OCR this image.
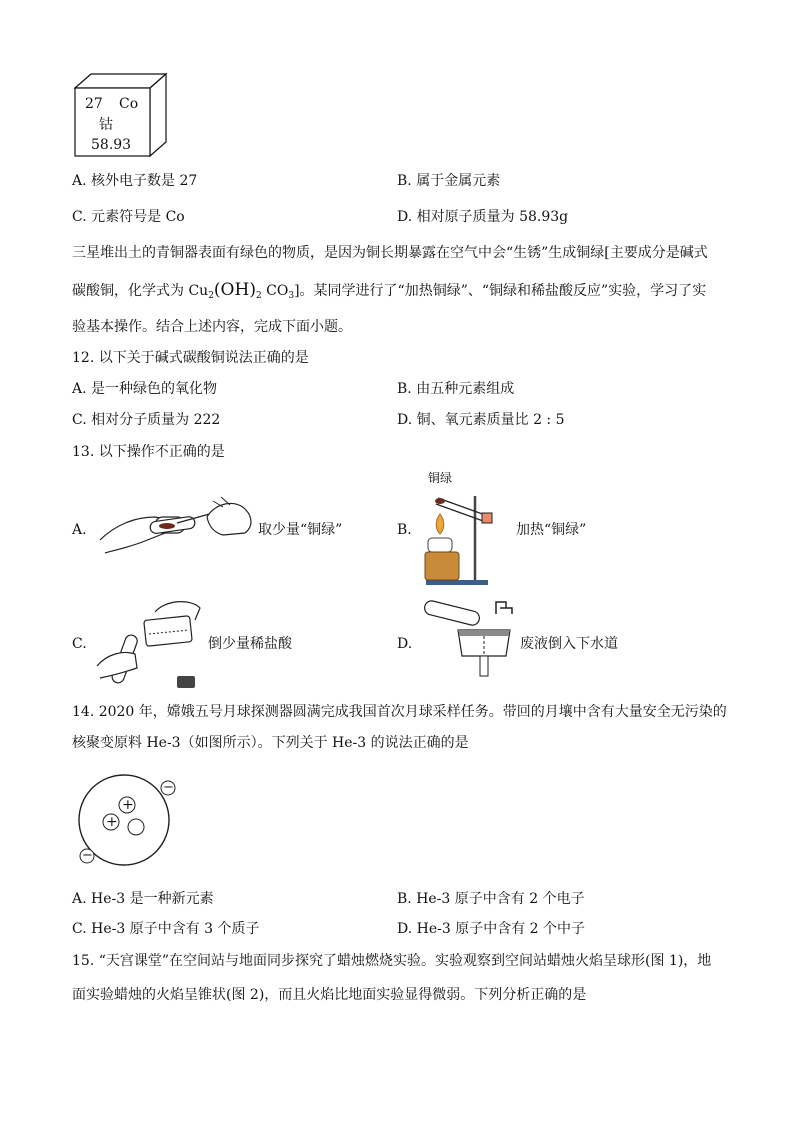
27 Co
钴
58.93
A. 核外电子数是 27	B. 属于金属元素
C. 元素符号是 Co	D. 相对原子质量为 58.93g
三星堆出土的青铜器表面有绿色的物质，是因为铜长期暴露在空气中会“生锈”生成铜绿[主要成分是碱式
碳酸铜，化学式为 $Cu_2(OH)_2$ $CO_3$]。某同学进行了“加热铜绿”、“铜绿和稀盐酸反应”实验，学习了实
验基本操作。结合上述内容，完成下面小题。
12. 以下关于碱式碳酸铜说法正确的是
A. 是一种绿色的氧化物	B. 由五种元素组成
C. 相对分子质量为 222	D. 铜、氧元素质量比 2 : 5
13. 以下操作不正确的是
A.	取少量“铜绿”	B.
铜绿
加热“铜绿”
C.	倒少量稀盐酸	D.	废液倒入下水道
14. 2020 年，嫦娥五号月球探测器圆满完成我国首次月球采样任务。带回的月壤中含有大量安全无污染的
核聚变原料 He-3（如图所示）。下列关于 He-3 的说法正确的是
+
+
−
−
A. He-3 是一种新元素	B. He-3 原子中含有 2 个电子
C. He-3 原子中含有 3 个质子	D. He-3 原子中含有 2 个中子
15. “天宫课堂”在空间站与地面同步探究了蜡烛燃烧实验。实验观察到空间站蜡烛火焰呈球形(图 1)，地
面实验蜡烛的火焰呈锥状(图 2)，而且火焰比地面实验显得微弱。下列分析正确的是
